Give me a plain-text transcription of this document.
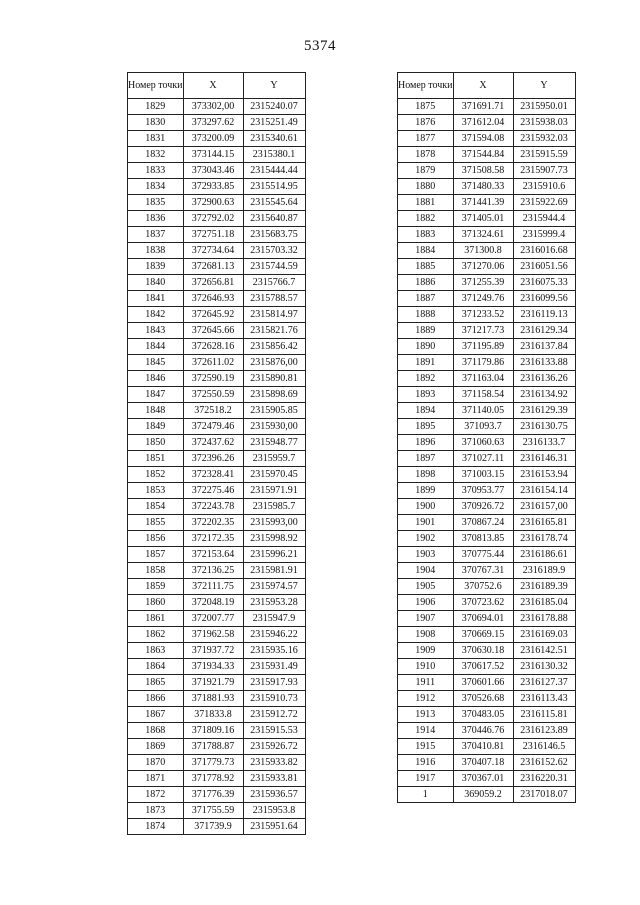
5374
Номер точки	X	Y
1829	373302,00	2315240.07
1830	373297.62	2315251.49
1831	373200.09	2315340.61
1832	373144.15	2315380.1
1833	373043.46	2315444.44
1834	372933.85	2315514.95
1835	372900.63	2315545.64
1836	372792.02	2315640.87
1837	372751.18	2315683.75
1838	372734.64	2315703.32
1839	372681.13	2315744.59
1840	372656.81	2315766.7
1841	372646.93	2315788.57
1842	372645.92	2315814.97
1843	372645.66	2315821.76
1844	372628.16	2315856.42
1845	372611.02	2315876,00
1846	372590.19	2315890.81
1847	372550.59	2315898.69
1848	372518.2	2315905.85
1849	372479.46	2315930,00
1850	372437.62	2315948.77
1851	372396.26	2315959.7
1852	372328.41	2315970.45
1853	372275.46	2315971.91
1854	372243.78	2315985.7
1855	372202.35	2315993,00
1856	372172.35	2315998.92
1857	372153.64	2315996.21
1858	372136.25	2315981.91
1859	372111.75	2315974.57
1860	372048.19	2315953.28
1861	372007.77	2315947.9
1862	371962.58	2315946.22
1863	371937.72	2315935.16
1864	371934.33	2315931.49
1865	371921.79	2315917.93
1866	371881.93	2315910.73
1867	371833.8	2315912.72
1868	371809.16	2315915.53
1869	371788.87	2315926.72
1870	371779.73	2315933.82
1871	371778.92	2315933.81
1872	371776.39	2315936.57
1873	371755.59	2315953.8
1874	371739.9	2315951.64
Номер точки	X	Y
1875	371691.71	2315950.01
1876	371612.04	2315938.03
1877	371594.08	2315932.03
1878	371544.84	2315915.59
1879	371508.58	2315907.73
1880	371480.33	2315910.6
1881	371441.39	2315922.69
1882	371405.01	2315944.4
1883	371324.61	2315999.4
1884	371300.8	2316016.68
1885	371270.06	2316051.56
1886	371255.39	2316075.33
1887	371249.76	2316099.56
1888	371233.52	2316119.13
1889	371217.73	2316129.34
1890	371195.89	2316137.84
1891	371179.86	2316133.88
1892	371163.04	2316136.26
1893	371158.54	2316134.92
1894	371140.05	2316129.39
1895	371093.7	2316130.75
1896	371060.63	2316133.7
1897	371027.11	2316146.31
1898	371003.15	2316153.94
1899	370953.77	2316154.14
1900	370926.72	2316157,00
1901	370867.24	2316165.81
1902	370813.85	2316178.74
1903	370775.44	2316186.61
1904	370767.31	2316189.9
1905	370752.6	2316189.39
1906	370723.62	2316185.04
1907	370694.01	2316178.88
1908	370669.15	2316169.03
1909	370630.18	2316142.51
1910	370617.52	2316130.32
1911	370601.66	2316127.37
1912	370526.68	2316113.43
1913	370483.05	2316115.81
1914	370446.76	2316123.89
1915	370410.81	2316146.5
1916	370407.18	2316152.62
1917	370367.01	2316220.31
1	369059.2	2317018.07
